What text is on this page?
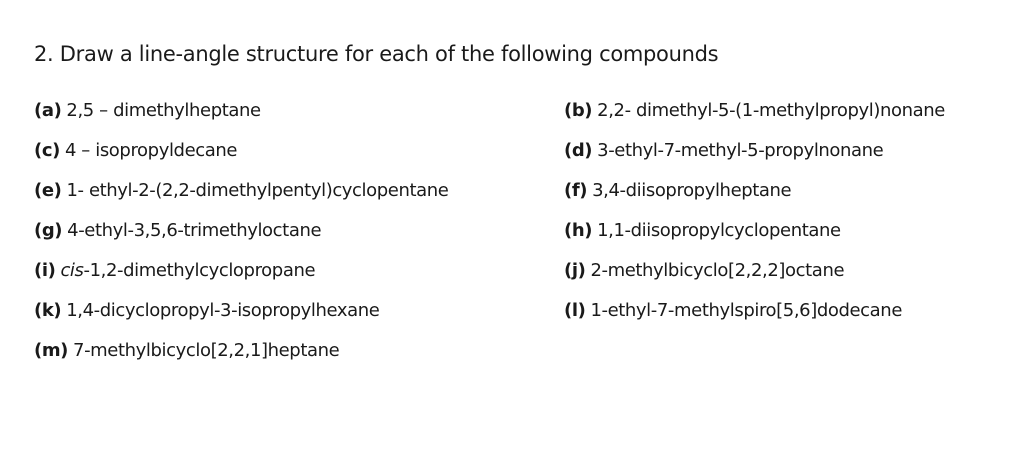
2. Draw a line-angle structure for each of the following compounds
(a) 2,5 – dimethylheptane	(b) 2,2- dimethyl-5-(1-methylpropyl)nonane
(c) 4 – isopropyldecane	(d) 3-ethyl-7-methyl-5-propylnonane
(e) 1- ethyl-2-(2,2-dimethylpentyl)cyclopentane	(f) 3,4-diisopropylheptane
(g) 4-ethyl-3,5,6-trimethyloctane	(h) 1,1-diisopropylcyclopentane
(i) cis-1,2-dimethylcyclopropane	(j) 2-methylbicyclo[2,2,2]octane
(k) 1,4-dicyclopropyl-3-isopropylhexane	(l) 1-ethyl-7-methylspiro[5,6]dodecane
(m) 7-methylbicyclo[2,2,1]heptane
